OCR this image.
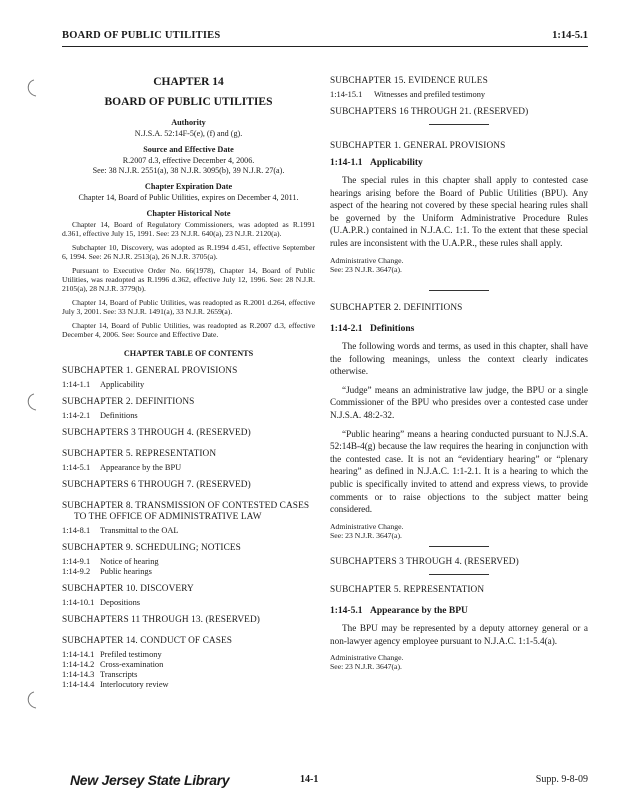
BOARD OF PUBLIC UTILITIES	1:14-5.1
CHAPTER 14
BOARD OF PUBLIC UTILITIES
Authority
N.J.S.A. 52:14F-5(e), (f) and (g).
Source and Effective Date
R.2007 d.3, effective December 4, 2006.
See: 38 N.J.R. 2551(a), 38 N.J.R. 3095(b), 39 N.J.R. 27(a).
Chapter Expiration Date
Chapter 14, Board of Public Utilities, expires on December 4, 2011.
Chapter Historical Note
Chapter 14, Board of Regulatory Commissioners, was adopted as R.1991 d.361, effective July 15, 1991. See: 23 N.J.R. 640(a), 23 N.J.R. 2120(a).
Subchapter 10, Discovery, was adopted as R.1994 d.451, effective September 6, 1994. See: 26 N.J.R. 2513(a), 26 N.J.R. 3705(a).
Pursuant to Executive Order No. 66(1978), Chapter 14, Board of Public Utilities, was readopted as R.1996 d.362, effective July 12, 1996. See: 28 N.J.R. 2105(a), 28 N.J.R. 3779(b).
Chapter 14, Board of Public Utilities, was readopted as R.2001 d.264, effective July 3, 2001. See: 33 N.J.R. 1491(a), 33 N.J.R. 2659(a).
Chapter 14, Board of Public Utilities, was readopted as R.2007 d.3, effective December 4, 2006. See: Source and Effective Date.
CHAPTER TABLE OF CONTENTS
SUBCHAPTER 1. GENERAL PROVISIONS
1:14-1.1	Applicability
SUBCHAPTER 2. DEFINITIONS
1:14-2.1	Definitions
SUBCHAPTERS 3 THROUGH 4. (RESERVED)
SUBCHAPTER 5. REPRESENTATION
1:14-5.1	Appearance by the BPU
SUBCHAPTERS 6 THROUGH 7. (RESERVED)
SUBCHAPTER 8. TRANSMISSION OF CONTESTED CASES TO THE OFFICE OF ADMINISTRATIVE LAW
1:14-8.1	Transmittal to the OAL
SUBCHAPTER 9. SCHEDULING; NOTICES
1:14-9.1	Notice of hearing
1:14-9.2	Public hearings
SUBCHAPTER 10. DISCOVERY
1:14-10.1 Depositions
SUBCHAPTERS 11 THROUGH 13. (RESERVED)
SUBCHAPTER 14. CONDUCT OF CASES
1:14-14.1 Prefiled testimony
1:14-14.2 Cross-examination
1:14-14.3 Transcripts
1:14-14.4 Interlocutory review
SUBCHAPTER 15. EVIDENCE RULES
1:14-15.1	Witnesses and prefiled testimony
SUBCHAPTERS 16 THROUGH 21. (RESERVED)
SUBCHAPTER 1. GENERAL PROVISIONS
1:14-1.1 Applicability
The special rules in this chapter shall apply to contested case hearings arising before the Board of Public Utilities (BPU). Any aspect of the hearing not covered by these special hearing rules shall be governed by the Uniform Administrative Procedure Rules (U.A.P.R.) contained in N.J.A.C. 1:1. To the extent that these special rules are inconsistent with the U.A.P.R., these rules shall apply.
Administrative Change.
See: 23 N.J.R. 3647(a).
SUBCHAPTER 2. DEFINITIONS
1:14-2.1 Definitions
The following words and terms, as used in this chapter, shall have the following meanings, unless the context clearly indicates otherwise.
“Judge” means an administrative law judge, the BPU or a single Commissioner of the BPU who presides over a contested case under N.J.S.A. 48:2-32.
“Public hearing” means a hearing conducted pursuant to N.J.S.A. 52:14B-4(g) because the law requires the hearing in conjunction with the contested case. It is not an “evidentiary hearing” or “plenary hearing” as defined in N.J.A.C. 1:1-2.1. It is a hearing to which the public is specifically invited to attend and express views, to provide comments or to raise objections to the subject matter being considered.
Administrative Change.
See: 23 N.J.R. 3647(a).
SUBCHAPTERS 3 THROUGH 4. (RESERVED)
SUBCHAPTER 5. REPRESENTATION
1:14-5.1 Appearance by the BPU
The BPU may be represented by a deputy attorney general or a non-lawyer agency employee pursuant to N.J.A.C. 1:1-5.4(a).
Administrative Change.
See: 23 N.J.R. 3647(a).
New Jersey State Library	14-1	Supp. 9-8-09
